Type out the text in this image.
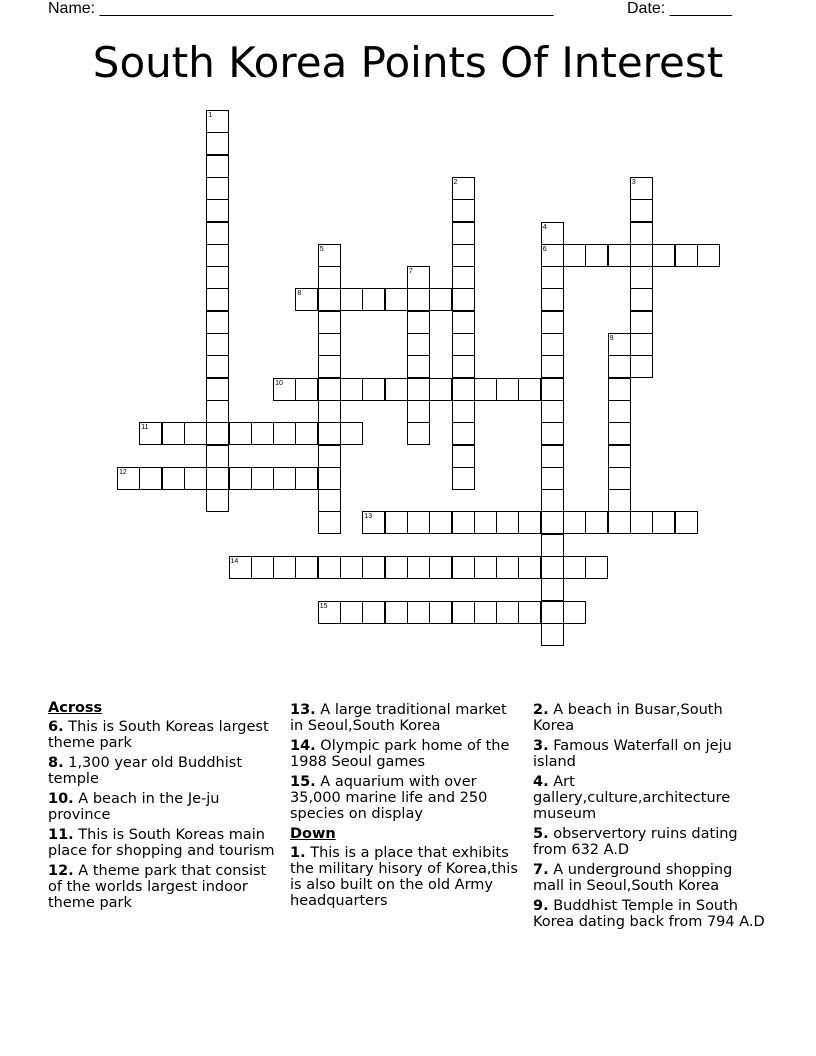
Name: ___________________________________________________	Date: _______
South Korea Points Of Interest
1
2	3
4
5	6
7
8
9
10
11
12
13
14
15
Across
6. This is South Koreas largest theme park
8. 1,300 year old Buddhist temple
10. A beach in the Je-ju province
11. This is South Koreas main place for shopping and tourism
12. A theme park that consist of the worlds largest indoor theme park
13. A large traditional market in Seoul,South Korea
14. Olympic park home of the 1988 Seoul games
15. A aquarium with over 35,000 marine life and 250 species on display
Down
1. This is a place that exhibits the military hisory of Korea,this is also built on the old Army headquarters
2. A beach in Busar,South Korea
3. Famous Waterfall on jeju island
4. Art gallery,culture,architecture museum
5. observertory ruins dating from 632 A.D
7. A underground shopping mall in Seoul,South Korea
9. Buddhist Temple in South Korea dating back from 794 A.D
